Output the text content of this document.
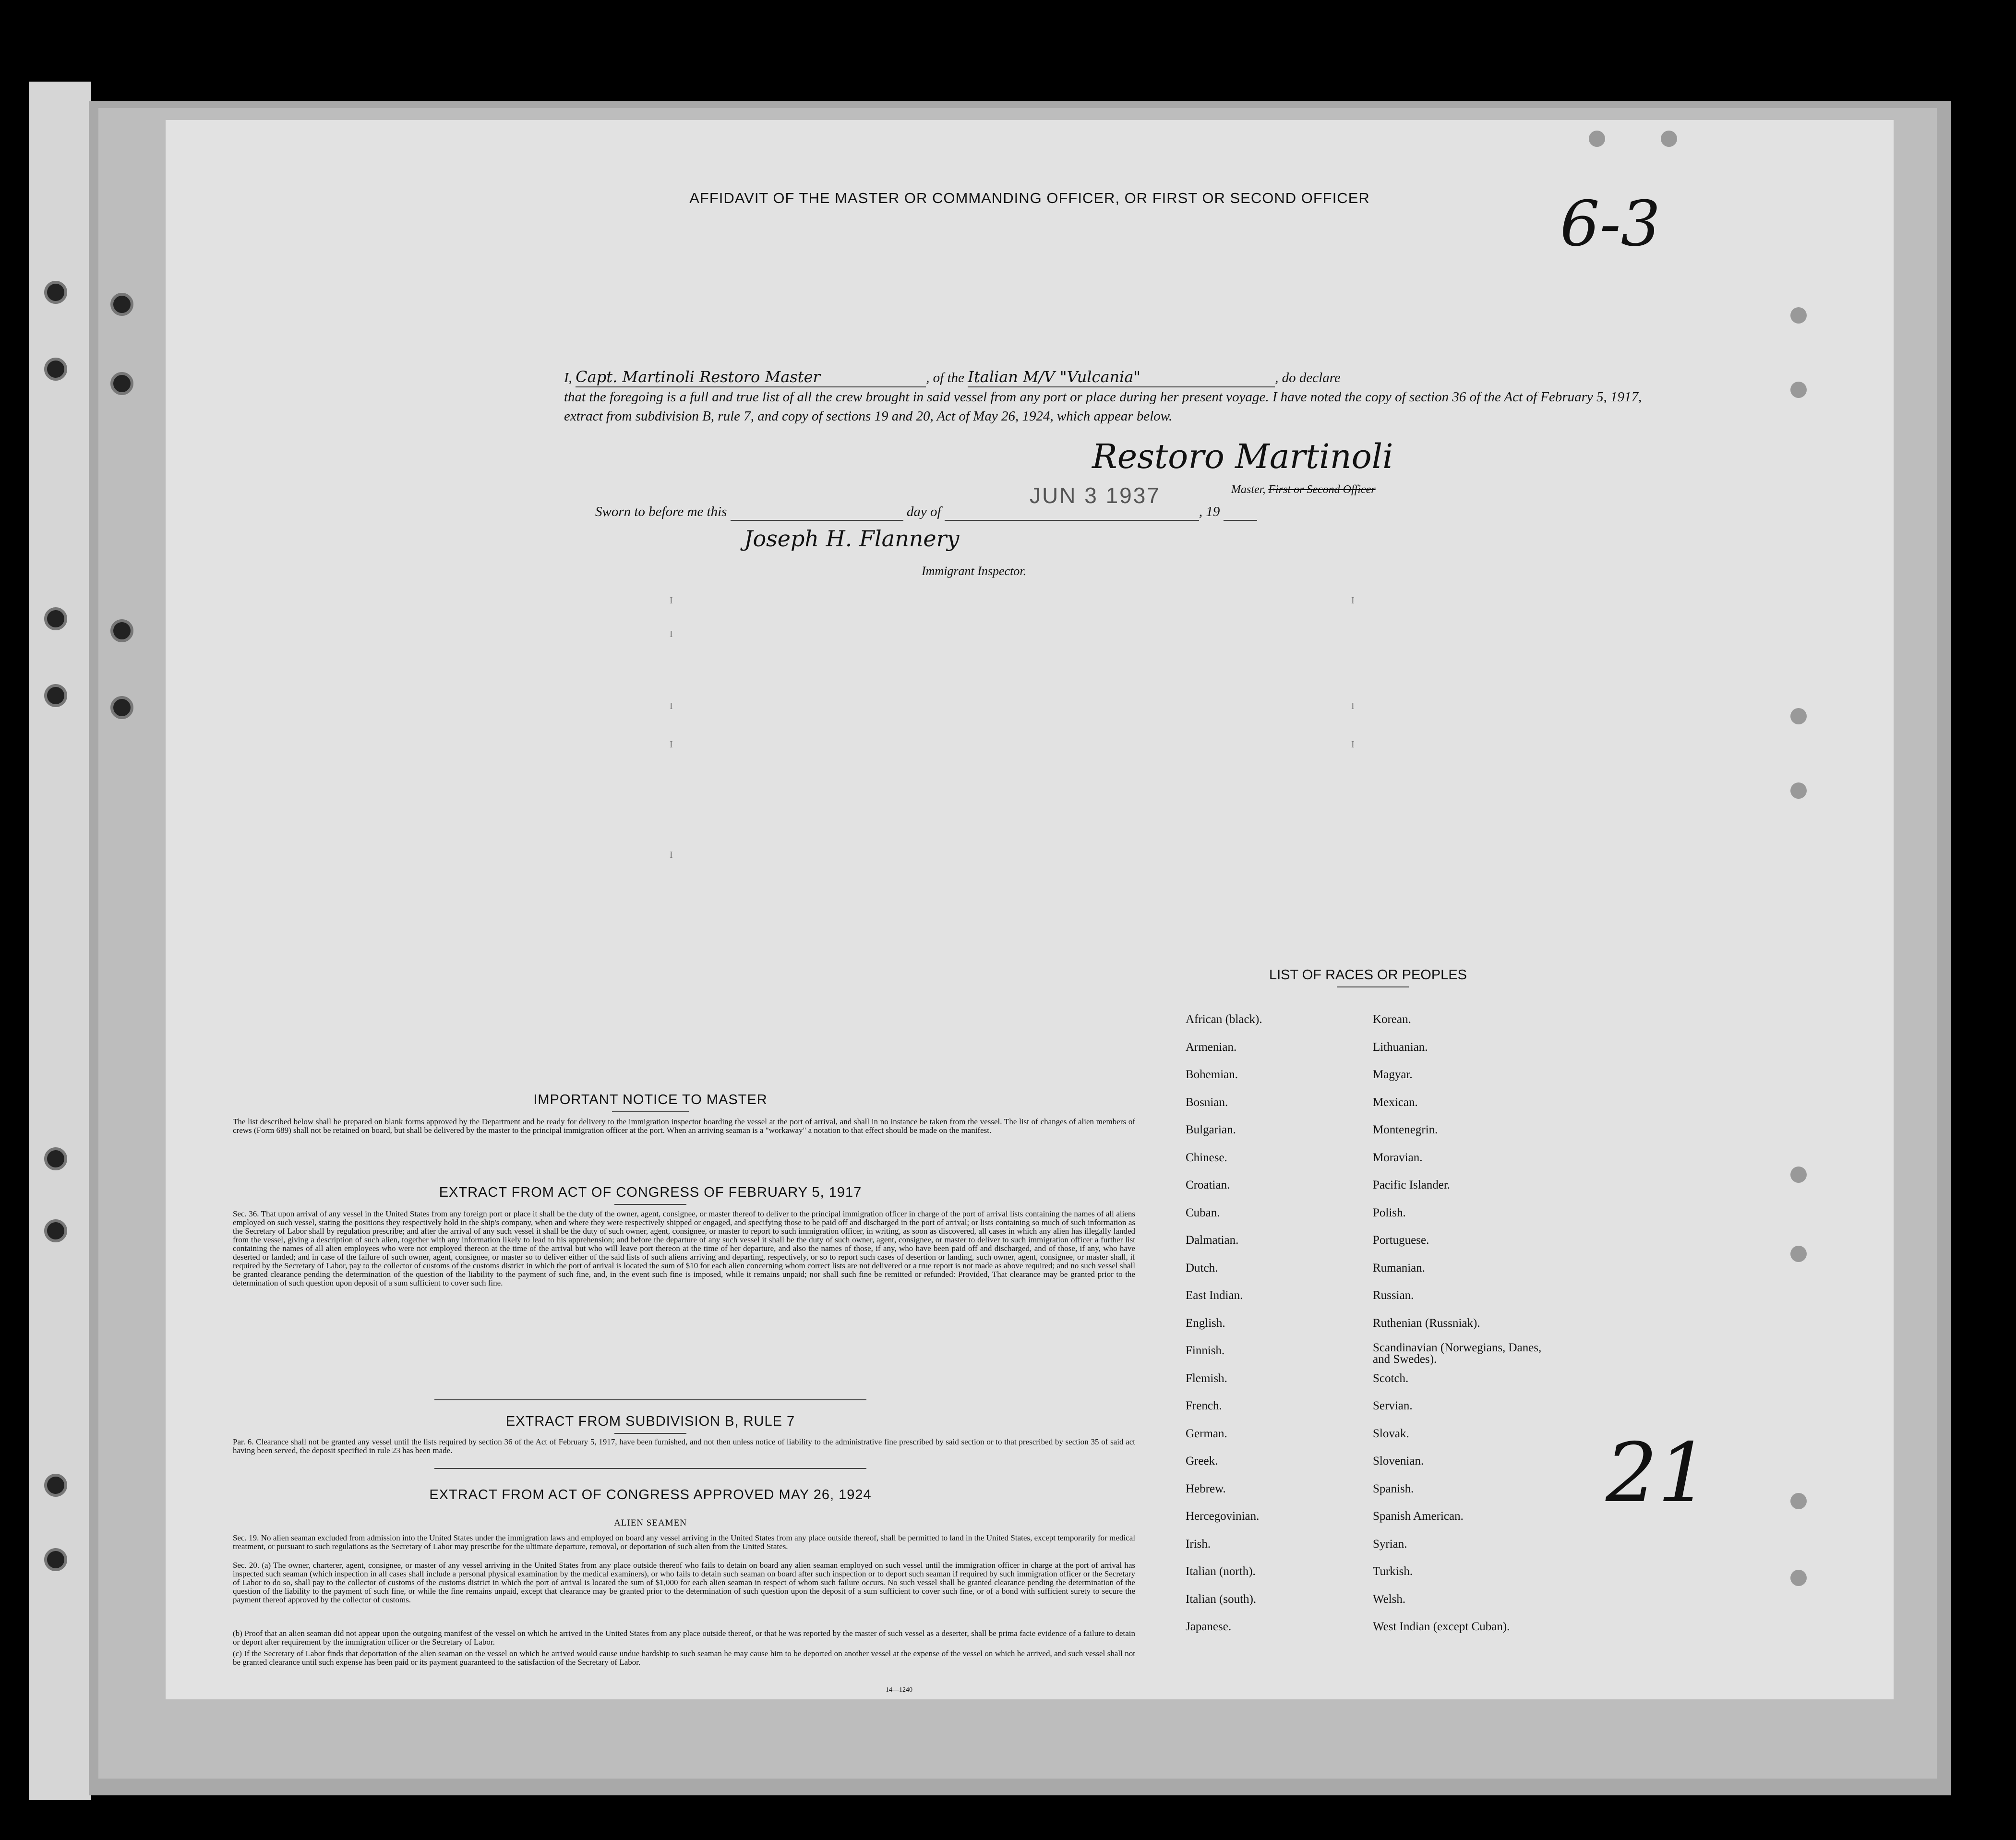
AFFIDAVIT OF THE MASTER OR COMMANDING OFFICER, OR FIRST OR SECOND OFFICER	6-3
I, Capt. Martinoli Restoro Master	, of the Italian M/V "Vulcania"	, do declare
that the foregoing is a full and true list of all the crew brought in said vessel from any port or place during her present voyage. I have noted the copy of section 36 of the Act of February 5, 1917, extract from subdivision B, rule 7, and copy of sections 19 and 20, Act of May 26, 1924, which appear below.
Restoro Martinoli
Master, First or Second Officer
Sworn to before me this	day of	, 19
JUN 3 1937
Joseph H. Flannery
Immigrant Inspector.
I
I
I
I
I
I
I
I
IMPORTANT NOTICE TO MASTER
The list described below shall be prepared on blank forms approved by the Department and be ready for delivery to the immigration inspector boarding the vessel at the port of arrival, and shall in no instance be taken from the vessel. The list of changes of alien members of crews (Form 689) shall not be retained on board, but shall be delivered by the master to the principal immigration officer at the port. When an arriving seaman is a "workaway" a notation to that effect should be made on the manifest.
EXTRACT FROM ACT OF CONGRESS OF FEBRUARY 5, 1917
Sec. 36. That upon arrival of any vessel in the United States from any foreign port or place it shall be the duty of the owner, agent, consignee, or master thereof to deliver to the principal immigration officer in charge of the port of arrival lists containing the names of all aliens employed on such vessel, stating the positions they respectively hold in the ship's company, when and where they were respectively shipped or engaged, and specifying those to be paid off and discharged in the port of arrival; or lists containing so much of such information as the Secretary of Labor shall by regulation prescribe; and after the arrival of any such vessel it shall be the duty of such owner, agent, consignee, or master to report to such immigration officer, in writing, as soon as discovered, all cases in which any alien has illegally landed from the vessel, giving a description of such alien, together with any information likely to lead to his apprehension; and before the departure of any such vessel it shall be the duty of such owner, agent, consignee, or master to deliver to such immigration officer a further list containing the names of all alien employees who were not employed thereon at the time of the arrival but who will leave port thereon at the time of her departure, and also the names of those, if any, who have been paid off and discharged, and of those, if any, who have deserted or landed; and in case of the failure of such owner, agent, consignee, or master so to deliver either of the said lists of such aliens arriving and departing, respectively, or so to report such cases of desertion or landing, such owner, agent, consignee, or master shall, if required by the Secretary of Labor, pay to the collector of customs of the customs district in which the port of arrival is located the sum of $10 for each alien concerning whom correct lists are not delivered or a true report is not made as above required; and no such vessel shall be granted clearance pending the determination of the question of the liability to the payment of such fine, and, in the event such fine is imposed, while it remains unpaid; nor shall such fine be remitted or refunded: Provided, That clearance may be granted prior to the determination of such question upon deposit of a sum sufficient to cover such fine.
EXTRACT FROM SUBDIVISION B, RULE 7
Par. 6. Clearance shall not be granted any vessel until the lists required by section 36 of the Act of February 5, 1917, have been furnished, and not then unless notice of liability to the administrative fine prescribed by said section or to that prescribed by section 35 of said act having been served, the deposit specified in rule 23 has been made.
EXTRACT FROM ACT OF CONGRESS APPROVED MAY 26, 1924
ALIEN SEAMEN
Sec. 19. No alien seaman excluded from admission into the United States under the immigration laws and employed on board any vessel arriving in the United States from any place outside thereof, shall be permitted to land in the United States, except temporarily for medical treatment, or pursuant to such regulations as the Secretary of Labor may prescribe for the ultimate departure, removal, or deportation of such alien from the United States.
Sec. 20. (a) The owner, charterer, agent, consignee, or master of any vessel arriving in the United States from any place outside thereof who fails to detain on board any alien seaman employed on such vessel until the immigration officer in charge at the port of arrival has inspected such seaman (which inspection in all cases shall include a personal physical examination by the medical examiners), or who fails to detain such seaman on board after such inspection or to deport such seaman if required by such immigration officer or the Secretary of Labor to do so, shall pay to the collector of customs of the customs district in which the port of arrival is located the sum of $1,000 for each alien seaman in respect of whom such failure occurs. No such vessel shall be granted clearance pending the determination of the question of the liability to the payment of such fine, or while the fine remains unpaid, except that clearance may be granted prior to the determination of such question upon the deposit of a sum sufficient to cover such fine, or of a bond with sufficient surety to secure the payment thereof approved by the collector of customs.
(b) Proof that an alien seaman did not appear upon the outgoing manifest of the vessel on which he arrived in the United States from any place outside thereof, or that he was reported by the master of such vessel as a deserter, shall be prima facie evidence of a failure to detain or deport after requirement by the immigration officer or the Secretary of Labor.
(c) If the Secretary of Labor finds that deportation of the alien seaman on the vessel on which he arrived would cause undue hardship to such seaman he may cause him to be deported on another vessel at the expense of the vessel on which he arrived, and such vessel shall not be granted clearance until such expense has been paid or its payment guaranteed to the satisfaction of the Secretary of Labor.
14—1240
21
LIST OF RACES OR PEOPLES
African (black).	Korean.
Armenian.	Lithuanian.
Bohemian.	Magyar.
Bosnian.	Mexican.
Bulgarian.	Montenegrin.
Chinese.	Moravian.
Croatian.	Pacific Islander.
Cuban.	Polish.
Dalmatian.	Portuguese.
Dutch.	Rumanian.
East Indian.	Russian.
English.	Ruthenian (Russniak).
Finnish.	Scandinavian (Norwegians, Danes, and Swedes).
Flemish.	Scotch.
French.	Servian.
German.	Slovak.
Greek.	Slovenian.
Hebrew.	Spanish.
Hercegovinian.	Spanish American.
Irish.	Syrian.
Italian (north).	Turkish.
Italian (south).	Welsh.
Japanese.	West Indian (except Cuban).
